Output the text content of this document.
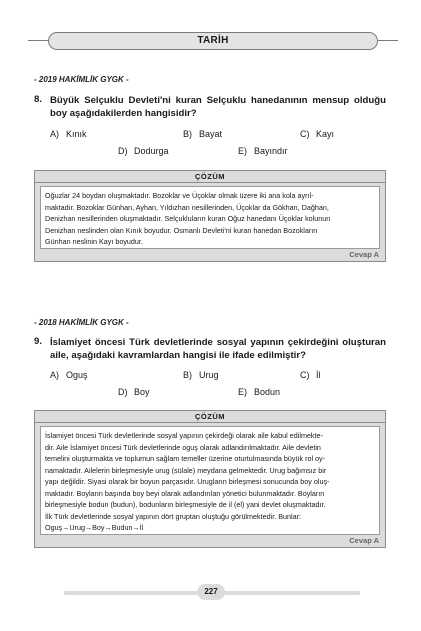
TARİH
- 2019 HAKİMLİK GYGK -
8. Büyük Selçuklu Devleti'ni kuran Selçuklu hanedanının mensup olduğu boy aşağıdakilerden hangisidir?
A) Kınık	B) Bayat	C) Kayı
D) Dodurga	E) Bayındır
ÇÖZÜM
Oğuzlar 24 boydan oluşmaktadır. Bozoklar ve Üçoklar olmak üzere iki ana kola ayrıl-
maktadır. Bozoklar Günhan, Ayhan, Yıldızhan nesillerinden, Üçoklar da Gökhan, Dağhan,
Denizhan nesillerinden oluşmaktadır. Selçukluların kuran Oğuz hanedanı Üçoklar kolunun
Denizhan neslinden olan Kınık boyudur. Osmanlı Devleti'ni kuran hanedan Bozokların
Günhan neslinin Kayı boyudur.
Cevap A
- 2018 HAKİMLİK GYGK -
9. İslamiyet öncesi Türk devletlerinde sosyal yapının çekirdeğini oluşturan aile, aşağıdaki kavramlardan hangisi ile ifade edilmiştir?
A) Oguş	B) Urug	C) İl
D) Boy	E) Bodun
ÇÖZÜM
İslamiyet öncesi Türk devletlerinde sosyal yapının çekirdeği olarak aile kabul edilmekte-
dir. Aile İslamiyet öncesi Türk devletlerinde oguş olarak adlandırılmaktadır. Aile devletin
temelini oluşturmakta ve toplumun sağlam temeller üzerine oturtulmasında büyük rol oy-
namaktadır. Ailelerin birleşmesiyle urug (sülale) meydana gelmektedir. Urug bağımsız bir
yapı değildir. Siyasi olarak bir boyun parçasıdır. Urugların birleşmesi sonucunda boy oluş-
maktadır. Boyların başında boy beyi olarak adlandırılan yönetici bulunmaktadır. Boyların
birleşmesiyle bodun (budun), bodunların birleşmesiyle de il (el) yani devlet oluşmaktadır.
İlk Türk devletlerinde sosyal yapının dört gruptan oluştuğu görülmektedir. Bunlar:
Oguş→Urug→Boy→Budun→İl
Cevap A
227
